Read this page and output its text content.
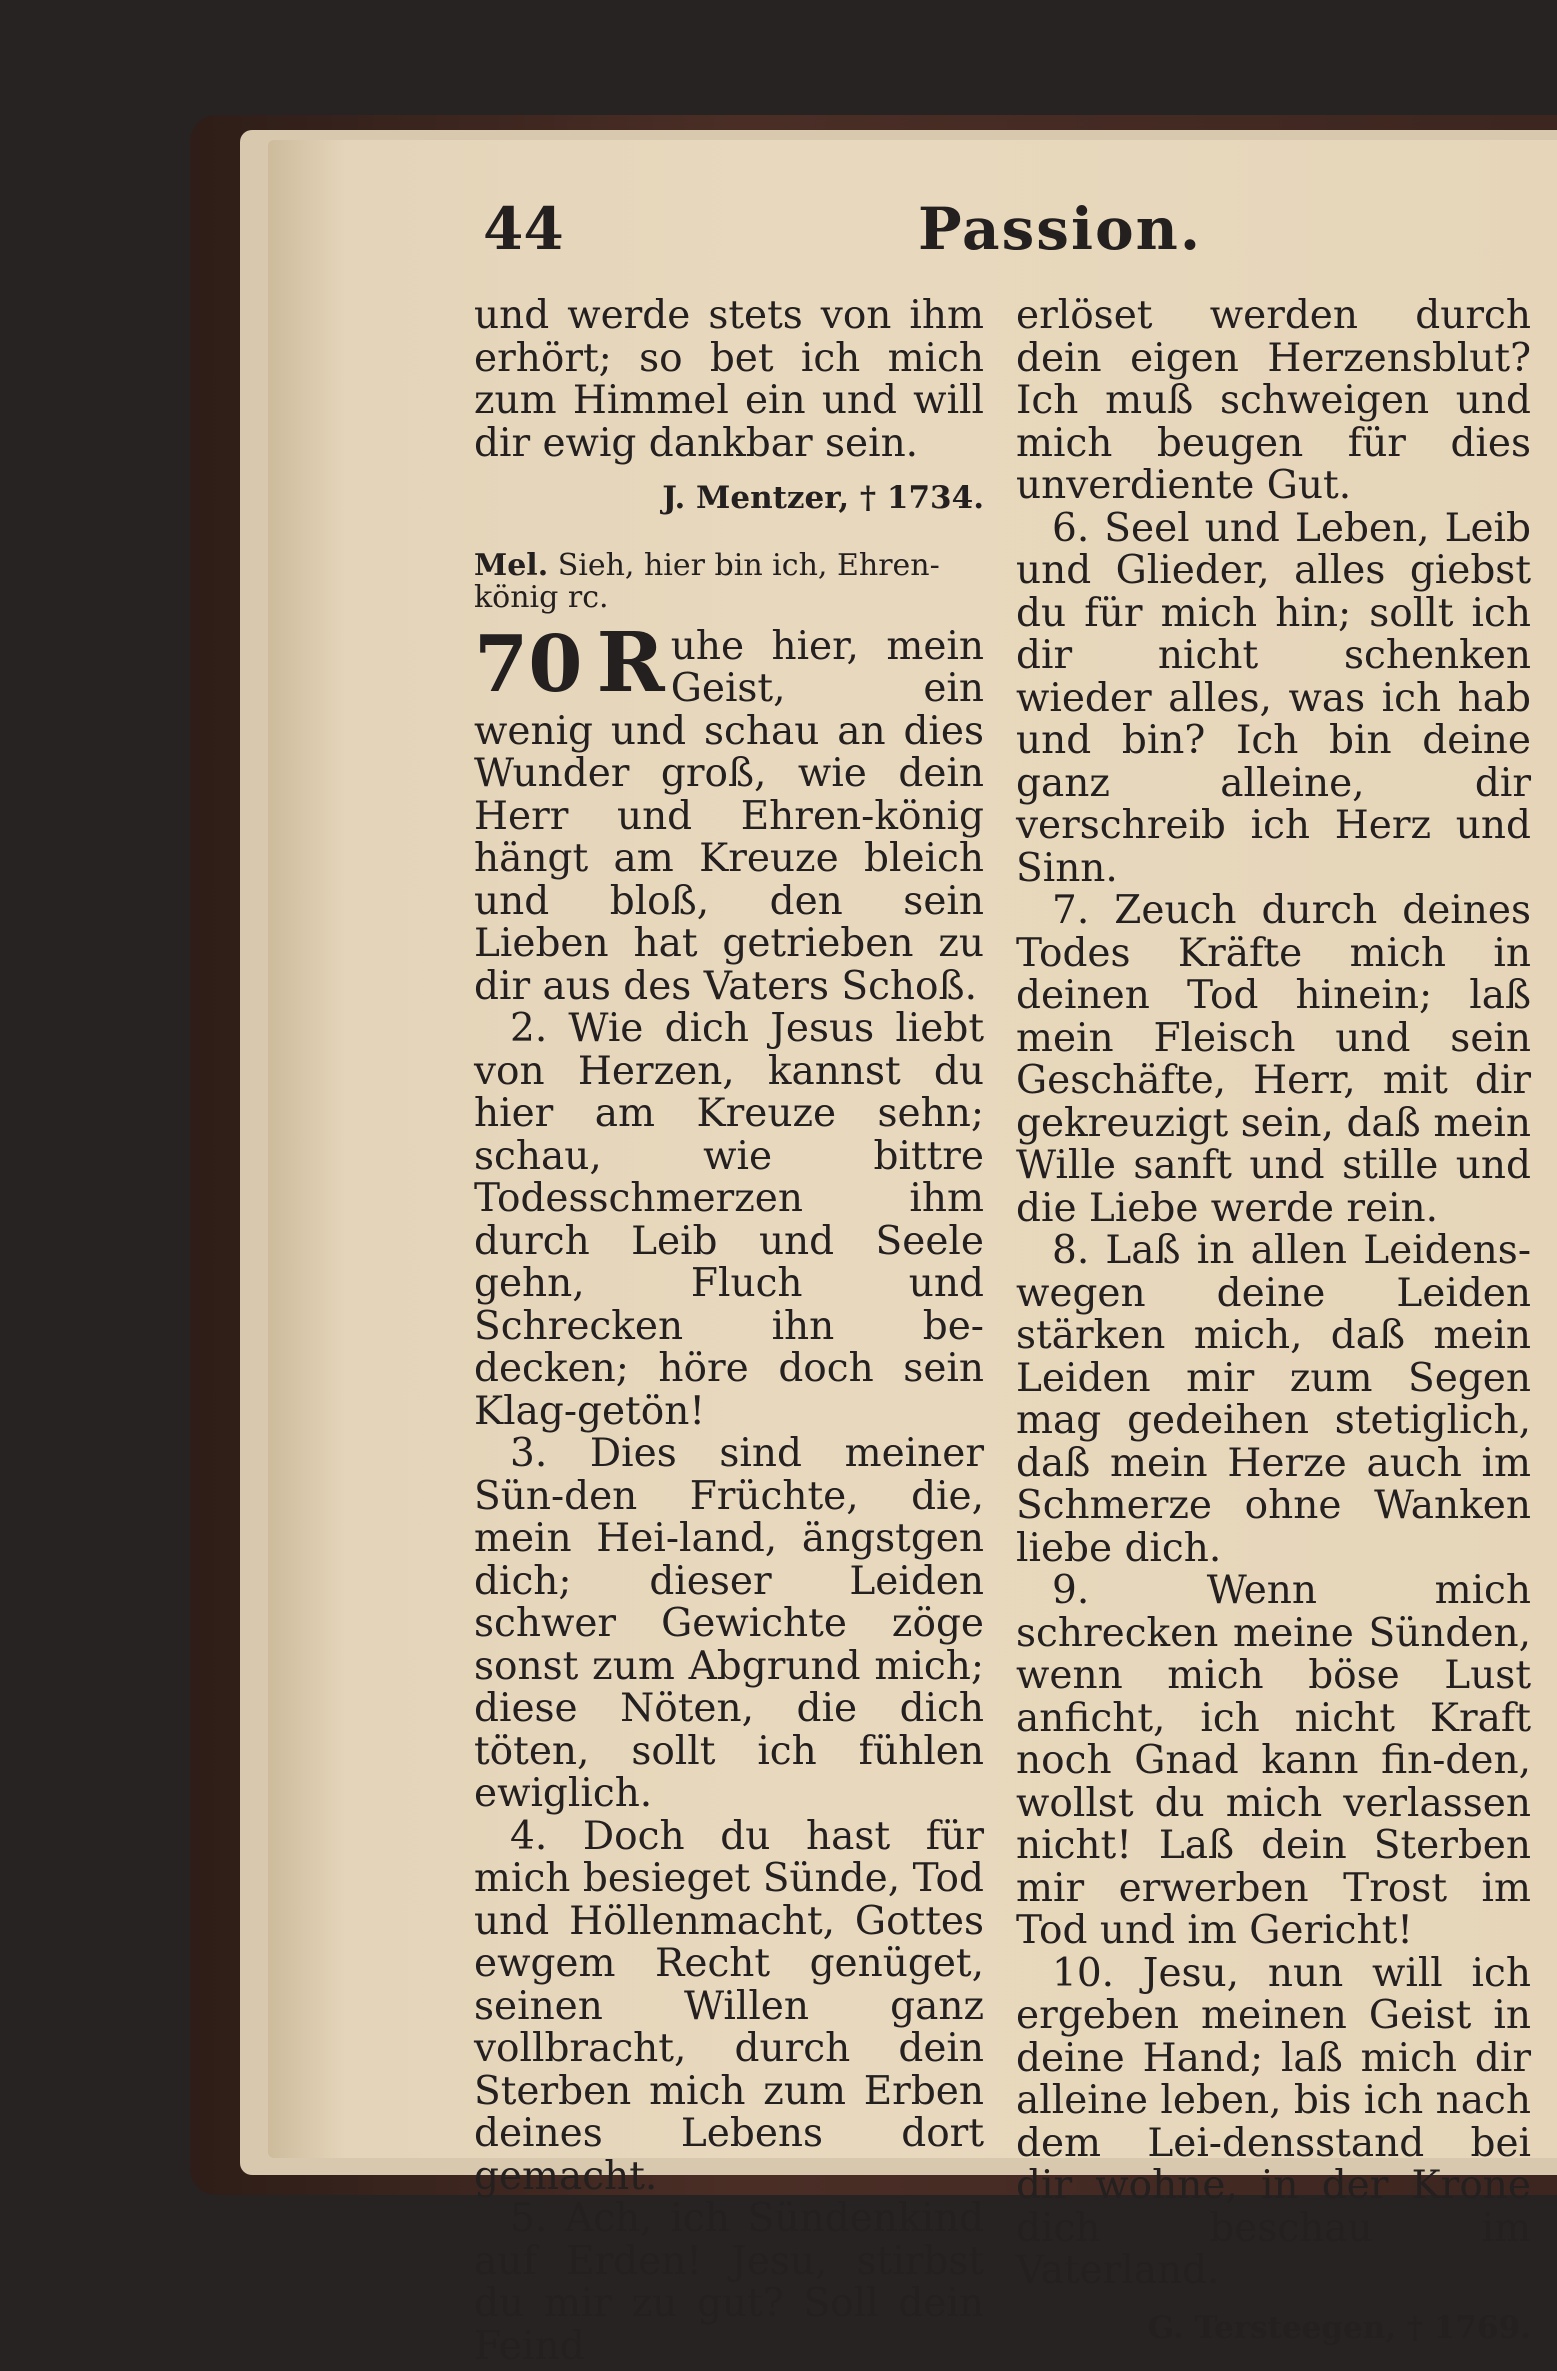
44	Passion.

und werde stets von ihm erhört; so bet ich mich zum Himmel ein und will dir ewig dankbar sein.

J. Mentzer, † 1734.
Mel. Sieh, hier bin ich, Ehren-könig rc.
70 R uhe hier, mein Geist, ein wenig und schau an dies Wunder groß, wie dein Herr und Ehren-könig hängt am Kreuze bleich und bloß, den sein Lieben hat getrieben zu dir aus des Vaters Schoß.

2. Wie dich Jesus liebt von Herzen, kannst du hier am Kreuze sehn; schau, wie bittre Todesschmerzen ihm durch Leib und Seele gehn, Fluch und Schrecken ihn be-decken; höre doch sein Klag-getön!

3. Dies sind meiner Sün-den Früchte, die, mein Hei-land, ängstgen dich; dieser Leiden schwer Gewichte zöge sonst zum Abgrund mich; diese Nöten, die dich töten, sollt ich fühlen ewiglich.

4. Doch du hast für mich besieget Sünde, Tod und Höllenmacht, Gottes ewgem Recht genüget, seinen Willen ganz vollbracht, durch dein Sterben mich zum Erben deines Lebens dort gemacht.

5. Ach, ich Sündenkind auf Erden! Jesu, stirbst du mir zu gut? Soll dein Feind

erlöset werden durch dein eigen Herzensblut? Ich muß schweigen und mich beugen für dies unverdiente Gut.

6. Seel und Leben, Leib und Glieder, alles giebst du für mich hin; sollt ich dir nicht schenken wieder alles, was ich hab und bin? Ich bin deine ganz alleine, dir verschreib ich Herz und Sinn.

7. Zeuch durch deines Todes Kräfte mich in deinen Tod hinein; laß mein Fleisch und sein Geschäfte, Herr, mit dir gekreuzigt sein, daß mein Wille sanft und stille und die Liebe werde rein.

8. Laß in allen Leidens-wegen deine Leiden stärken mich, daß mein Leiden mir zum Segen mag gedeihen stetiglich, daß mein Herze auch im Schmerze ohne Wanken liebe dich.

9. Wenn mich schrecken meine Sünden, wenn mich böse Lust anficht, ich nicht Kraft noch Gnad kann fin-den, wollst du mich verlassen nicht! Laß dein Sterben mir erwerben Trost im Tod und im Gericht!

10. Jesu, nun will ich ergeben meinen Geist in deine Hand; laß mich dir alleine leben, bis ich nach dem Lei-densstand bei dir wohne, in der Krone dich beschau im Vaterland.

G. Tersteegen, † 1769.
